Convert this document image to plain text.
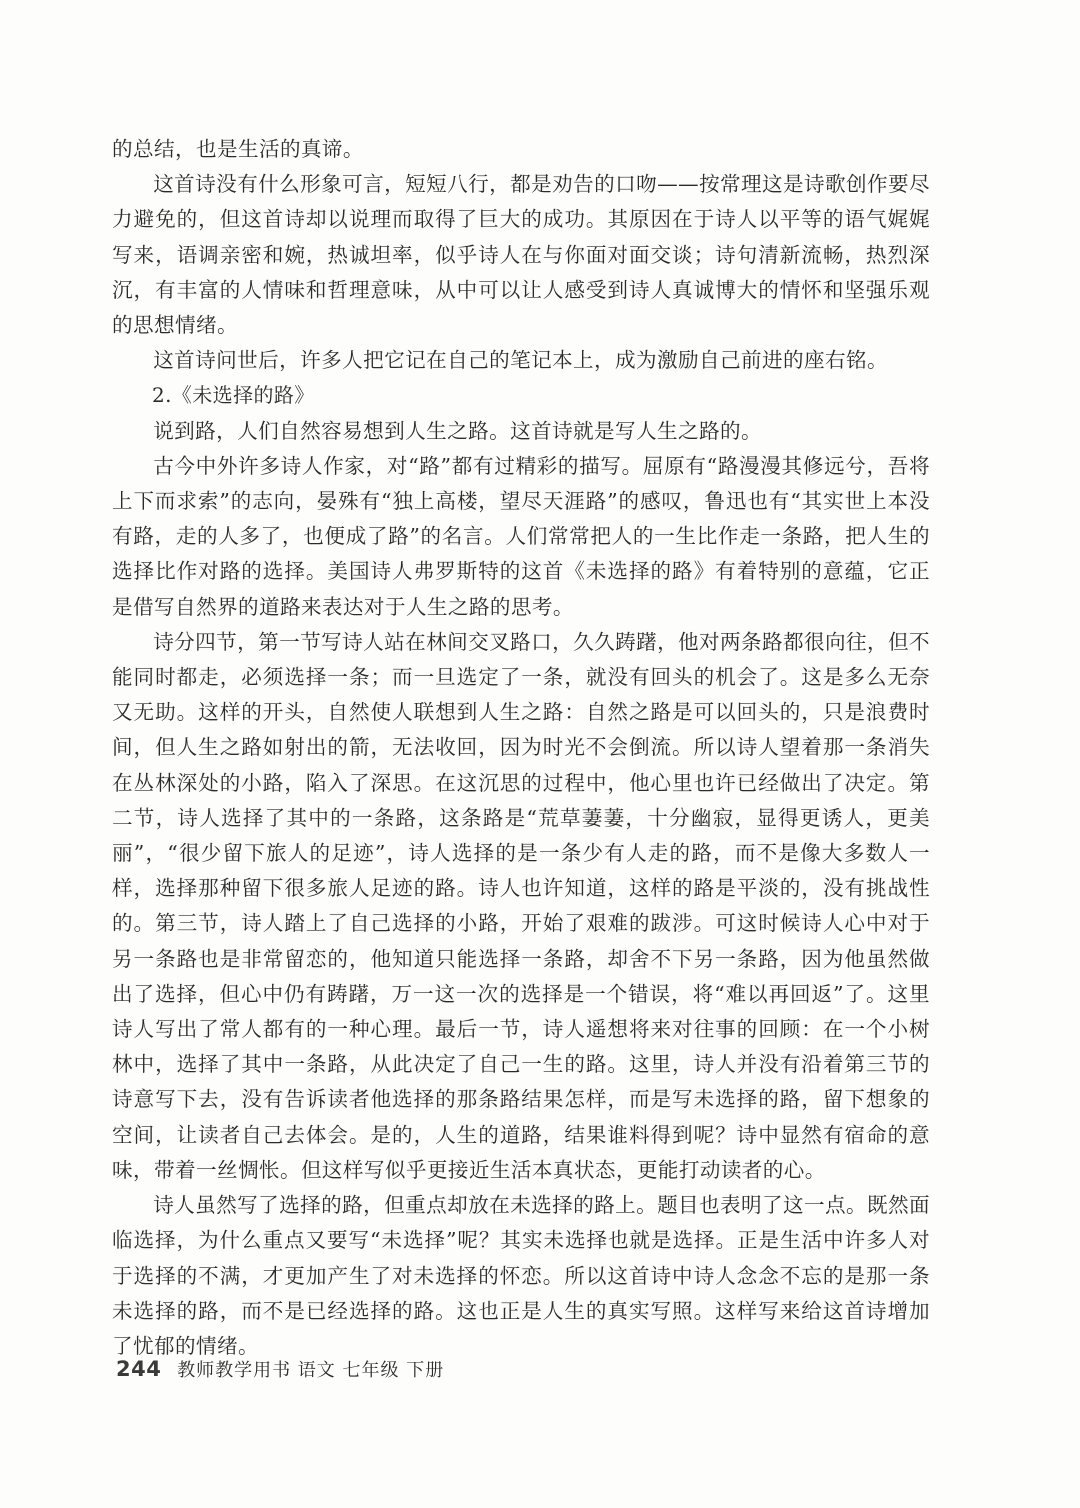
的总结，也是生活的真谛。

这首诗没有什么形象可言，短短八行，都是劝告的口吻——按常理这是诗歌创作要尽力避免的，但这首诗却以说理而取得了巨大的成功。其原因在于诗人以平等的语气娓娓写来，语调亲密和婉，热诚坦率，似乎诗人在与你面对面交谈；诗句清新流畅，热烈深沉，有丰富的人情味和哲理意味，从中可以让人感受到诗人真诚博大的情怀和坚强乐观的思想情绪。

这首诗问世后，许多人把它记在自己的笔记本上，成为激励自己前进的座右铭。

2.《未选择的路》

说到路，人们自然容易想到人生之路。这首诗就是写人生之路的。

古今中外许多诗人作家，对“路”都有过精彩的描写。屈原有“路漫漫其修远兮，吾将上下而求索”的志向，晏殊有“独上高楼，望尽天涯路”的感叹，鲁迅也有“其实世上本没有路，走的人多了，也便成了路”的名言。人们常常把人的一生比作走一条路，把人生的选择比作对路的选择。美国诗人弗罗斯特的这首《未选择的路》有着特别的意蕴，它正是借写自然界的道路来表达对于人生之路的思考。

诗分四节，第一节写诗人站在林间交叉路口，久久踌躇，他对两条路都很向往，但不能同时都走，必须选择一条；而一旦选定了一条，就没有回头的机会了。这是多么无奈又无助。这样的开头，自然使人联想到人生之路：自然之路是可以回头的，只是浪费时间，但人生之路如射出的箭，无法收回，因为时光不会倒流。所以诗人望着那一条消失在丛林深处的小路，陷入了深思。在这沉思的过程中，他心里也许已经做出了决定。第二节，诗人选择了其中的一条路，这条路是“荒草萋萋，十分幽寂，显得更诱人，更美丽”，“很少留下旅人的足迹”，诗人选择的是一条少有人走的路，而不是像大多数人一样，选择那种留下很多旅人足迹的路。诗人也许知道，这样的路是平淡的，没有挑战性的。第三节，诗人踏上了自己选择的小路，开始了艰难的跋涉。可这时候诗人心中对于另一条路也是非常留恋的，他知道只能选择一条路，却舍不下另一条路，因为他虽然做出了选择，但心中仍有踌躇，万一这一次的选择是一个错误，将“难以再回返”了。这里诗人写出了常人都有的一种心理。最后一节，诗人遥想将来对往事的回顾：在一个小树林中，选择了其中一条路，从此决定了自己一生的路。这里，诗人并没有沿着第三节的诗意写下去，没有告诉读者他选择的那条路结果怎样，而是写未选择的路，留下想象的空间，让读者自己去体会。是的，人生的道路，结果谁料得到呢？诗中显然有宿命的意味，带着一丝惆怅。但这样写似乎更接近生活本真状态，更能打动读者的心。

诗人虽然写了选择的路，但重点却放在未选择的路上。题目也表明了这一点。既然面临选择，为什么重点又要写“未选择”呢？其实未选择也就是选择。正是生活中许多人对于选择的不满，才更加产生了对未选择的怀恋。所以这首诗中诗人念念不忘的是那一条未选择的路，而不是已经选择的路。这也正是人生的真实写照。这样写来给这首诗增加了忧郁的情绪。

244 教师教学用书 语文 七年级 下册
